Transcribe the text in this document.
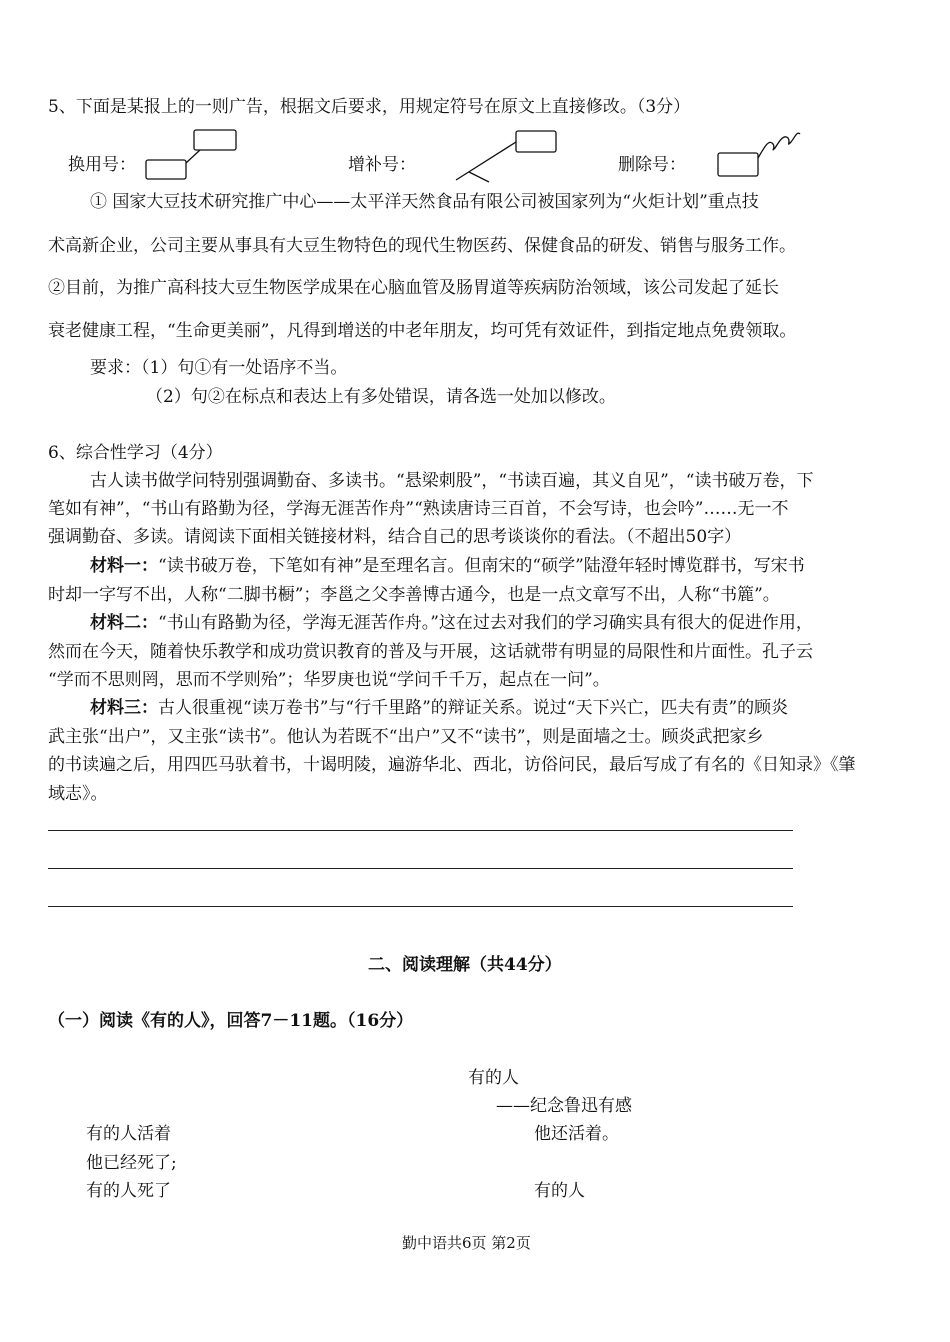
5、下面是某报上的一则广告，根据文后要求，用规定符号在原文上直接修改。（3分）
换用号：	增补号：	删除号：
① 国家大豆技术研究推广中心——太平洋天然食品有限公司被国家列为“火炬计划”重点技
术高新企业，公司主要从事具有大豆生物特色的现代生物医药、保健食品的研发、销售与服务工作。
②目前，为推广高科技大豆生物医学成果在心脑血管及肠胃道等疾病防治领域，该公司发起了延长
衰老健康工程，“生命更美丽”，凡得到增送的中老年朋友，均可凭有效证件，到指定地点免费领取。
要求：（1）句①有一处语序不当。
（2）句②在标点和表达上有多处错误，请各选一处加以修改。
6、综合性学习（4分）
古人读书做学问特别强调勤奋、多读书。“悬梁刺股”，“书读百遍，其义自见”，“读书破万卷，下
笔如有神”，“书山有路勤为径，学海无涯苦作舟”“熟读唐诗三百首，不会写诗，也会吟”……无一不
强调勤奋、多读。请阅读下面相关链接材料，结合自己的思考谈谈你的看法。（不超出50字）
材料一：“读书破万卷，下笔如有神”是至理名言。但南宋的“硕学”陆澄年轻时博览群书，写宋书
时却一字写不出，人称“二脚书橱”；李邕之父李善博古通今，也是一点文章写不出，人称“书簏”。
材料二：“书山有路勤为径，学海无涯苦作舟。”这在过去对我们的学习确实具有很大的促进作用，
然而在今天，随着快乐教学和成功赏识教育的普及与开展，这话就带有明显的局限性和片面性。孔子云
“学而不思则罔，思而不学则殆”；华罗庚也说“学问千千万，起点在一问”。
材料三：古人很重视“读万卷书”与“行千里路”的辩证关系。说过“天下兴亡，匹夫有责”的顾炎
武主张“出户”，又主张“读书”。他认为若既不“出户”又不“读书”，则是面墙之士。顾炎武把家乡
的书读遍之后，用四匹马驮着书，十谒明陵，遍游华北、西北，访俗问民，最后写成了有名的《日知录》《肇
域志》。
二、阅读理解（共44分）
（一）阅读《有的人》，回答7－11题。（16分）
有的人
——纪念鲁迅有感
有的人活着
他已经死了;
有的人死了
他还活着。
有的人
勤中语共6页 第2页
